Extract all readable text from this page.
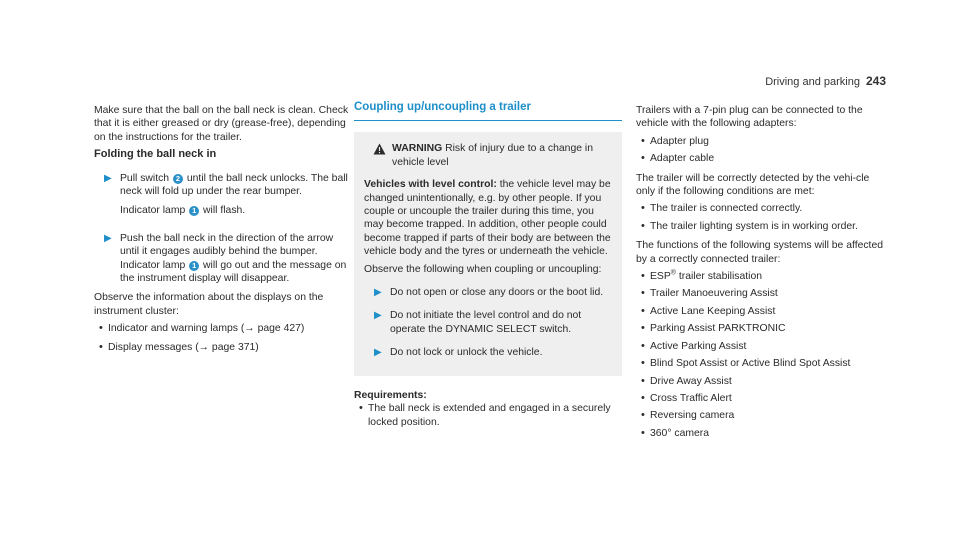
Driving and parking 243

Make sure that the ball on the ball neck is clean. Check that it is either greased or dry (grease-free), depending on the instructions for the trailer.

Folding the ball neck in
▶ Pull switch 2 until the ball neck unlocks. The ball neck will fold up under the rear bumper.

Indicator lamp 1 will flash.

▶ Push the ball neck in the direction of the arrow until it engages audibly behind the bumper.
Indicator lamp 1 will go out and the message on the instrument display will disappear.

Observe the information about the displays on the instrument cluster:

• Indicator and warning lamps (→ page 427)
• Display messages (→ page 371)
Coupling up/uncoupling a trailer
WARNING Risk of injury due to a change in vehicle level

Vehicles with level control: the vehicle level may be changed unintentionally, e.g. by other people. If you couple or uncouple the trailer during this time, you may become trapped. In addition, other people could become trapped if parts of their body are between the vehicle body and the tyres or underneath the vehicle.

Observe the following when coupling or uncoupling:

▶ Do not open or close any doors or the boot lid.
▶ Do not initiate the level control and do not operate the DYNAMIC SELECT switch.
▶ Do not lock or unlock the vehicle.
Requirements:
• The ball neck is extended and engaged in a securely locked position.

Trailers with a 7-pin plug can be connected to the vehicle with the following adapters:

• Adapter plug
• Adapter cable

The trailer will be correctly detected by the vehi-cle only if the following conditions are met:

• The trailer is connected correctly.
• The trailer lighting system is in working order.

The functions of the following systems will be affected by a correctly connected trailer:

• ESP® trailer stabilisation
• Trailer Manoeuvering Assist
• Active Lane Keeping Assist
• Parking Assist PARKTRONIC
• Active Parking Assist
• Blind Spot Assist or Active Blind Spot Assist
• Drive Away Assist
• Cross Traffic Alert
• Reversing camera
• 360° camera
